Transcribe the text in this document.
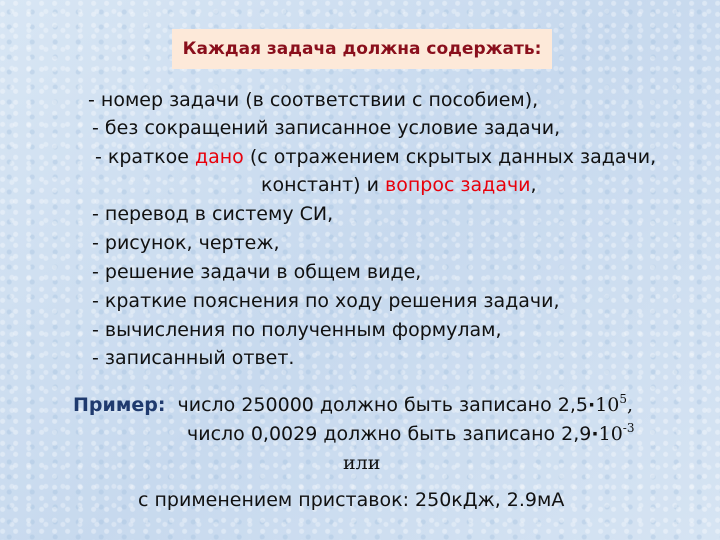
Каждая задача должна содержать:
- номер задачи (в соответствии с пособием),
- без сокращений записанное условие задачи,
- краткое дано (с отражением скрытых данных задачи,
констант) и вопрос задачи,
- перевод в систему СИ,
- рисунок, чертеж,
- решение задачи в общем виде,
- краткие пояснения по ходу решения задачи,
- вычисления по полученным формулам,
- записанный ответ.
Пример:  число 250000 должно быть записано $2,5\cdot 10^5$,
число 0,0029 должно быть записано $2,9\cdot 10^{-3}$
или
с применением приставок: 250кДж, 2.9мА
